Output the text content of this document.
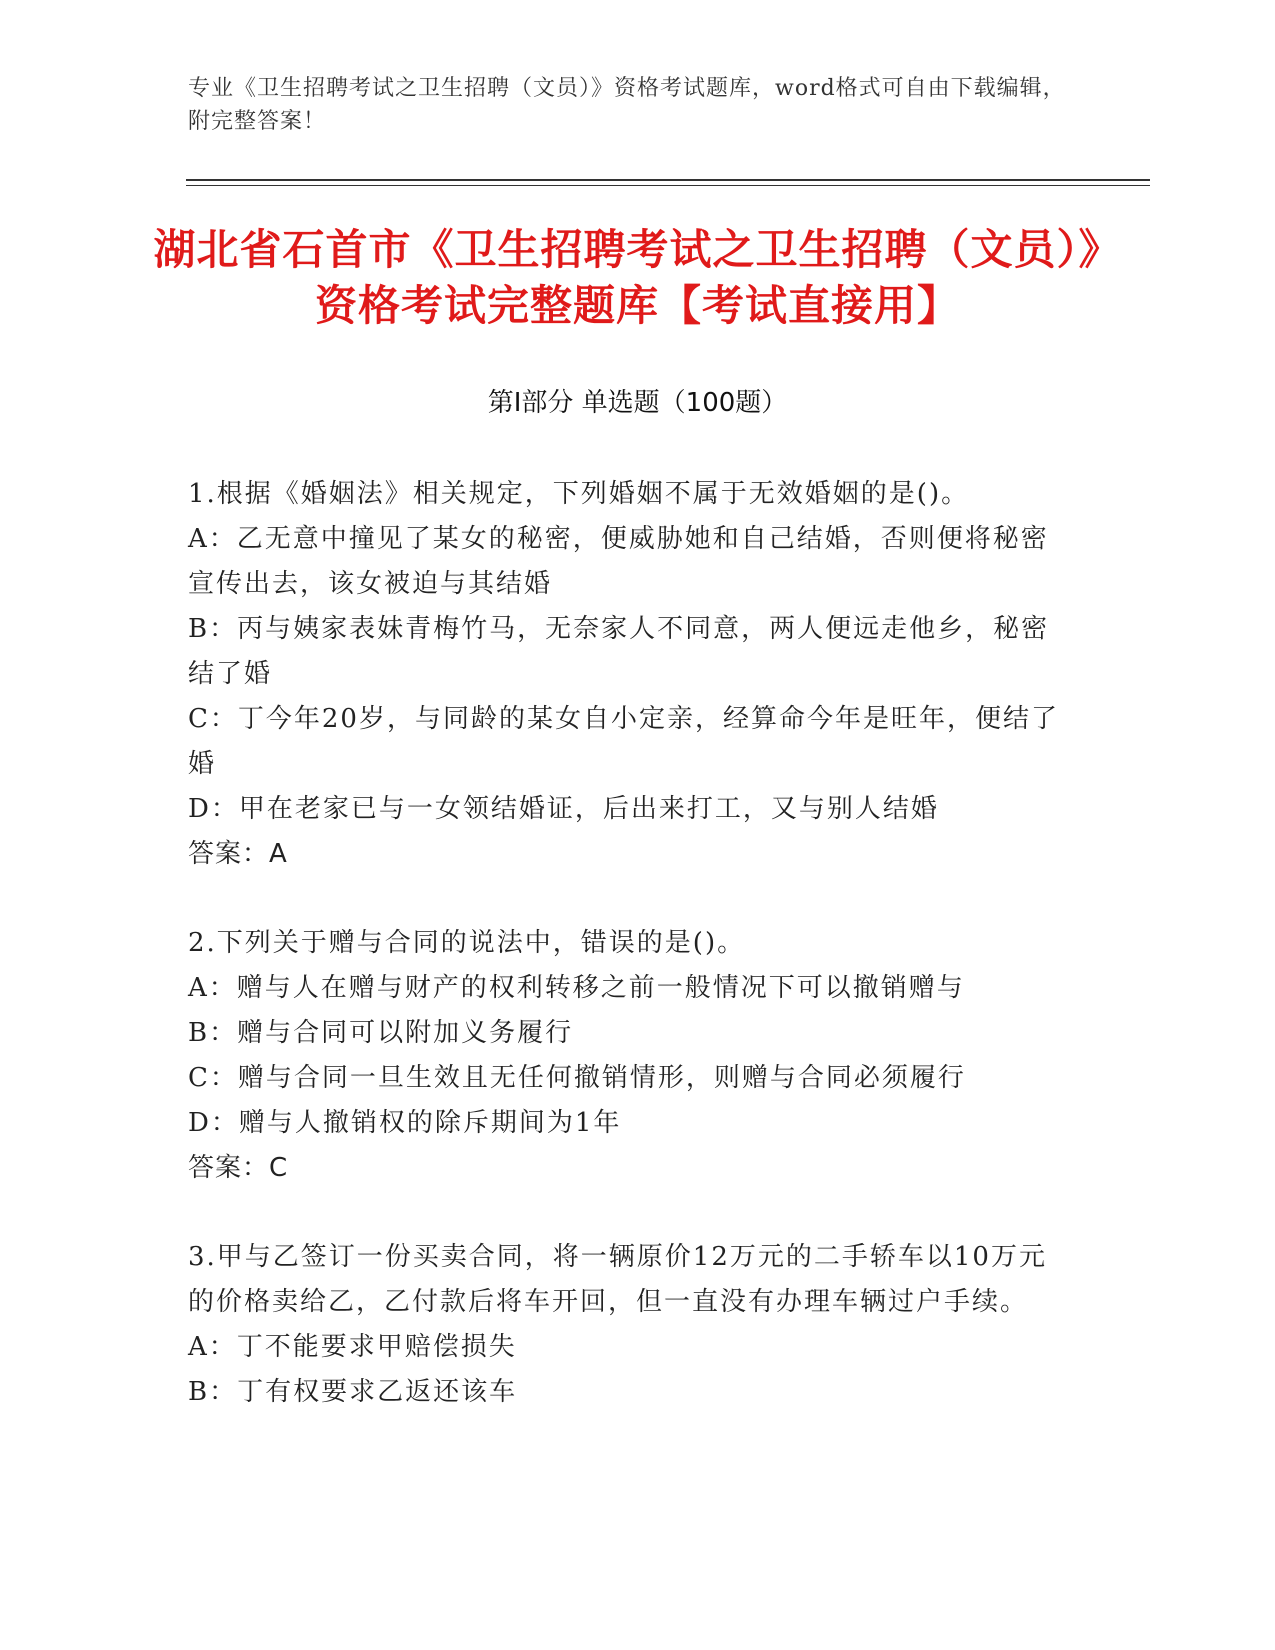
专业《卫生招聘考试之卫生招聘（文员）》资格考试题库，word格式可自由下载编辑，附完整答案！
湖北省石首市《卫生招聘考试之卫生招聘（文员）》资格考试完整题库【考试直接用】
第Ⅰ部分 单选题（100题）

1.根据《婚姻法》相关规定，下列婚姻不属于无效婚姻的是()。

A：乙无意中撞见了某女的秘密，便威胁她和自己结婚，否则便将秘密宣传出去，该女被迫与其结婚

B：丙与姨家表妹青梅竹马，无奈家人不同意，两人便远走他乡，秘密结了婚

C：丁今年20岁，与同龄的某女自小定亲，经算命今年是旺年，便结了婚

D：甲在老家已与一女领结婚证，后出来打工，又与别人结婚

答案：A

2.下列关于赠与合同的说法中，错误的是()。

A：赠与人在赠与财产的权利转移之前一般情况下可以撤销赠与

B：赠与合同可以附加义务履行

C：赠与合同一旦生效且无任何撤销情形，则赠与合同必须履行

D：赠与人撤销权的除斥期间为1年

答案：C

3.甲与乙签订一份买卖合同，将一辆原价12万元的二手轿车以10万元的价格卖给乙，乙付款后将车开回，但一直没有办理车辆过户手续。

A：丁不能要求甲赔偿损失

B：丁有权要求乙返还该车
